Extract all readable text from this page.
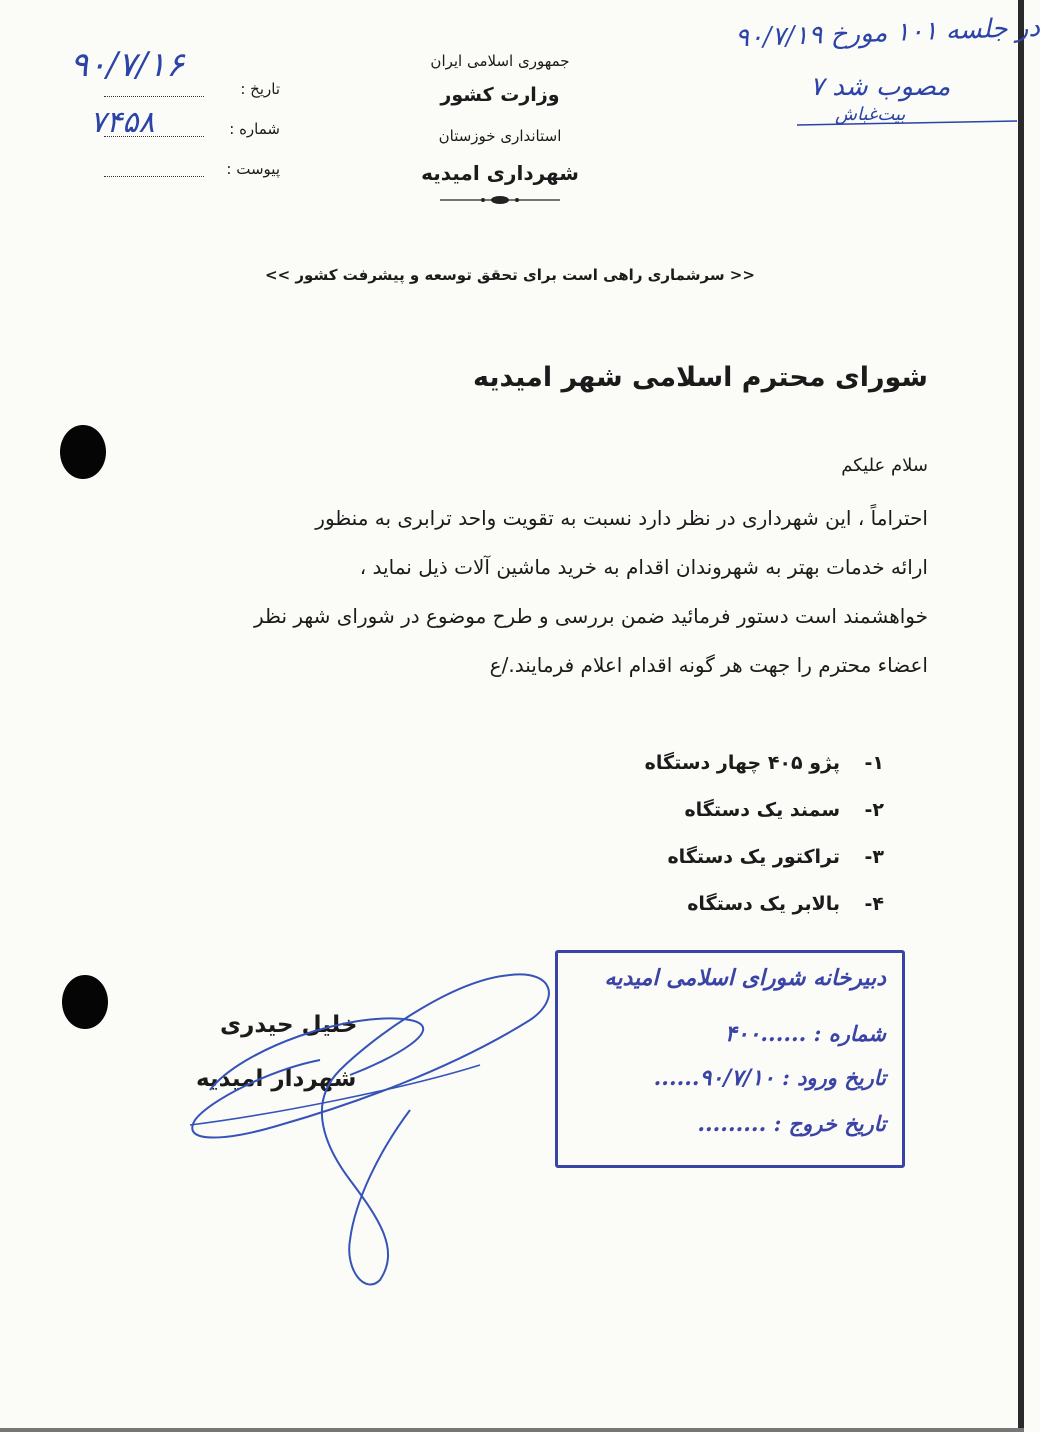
جمهوری اسلامی ایران
وزارت کشور
استانداری خوزستان
شهرداری امیدیه
تاریخ :
شماره :
پیوست :
۹۰/۷/۱۶
۷۴۵۸
در جلسه ۱۰۱ مورخ ۹۰/۷/۱۹
مصوب شد ۷
بیت‌غباش
<< سرشماری راهی است برای تحقق توسعه و پیشرفت کشور >>
شورای محترم اسلامی شهر امیدیه
سلام علیکم

احتراماً ، این شهرداری در نظر دارد نسبت به تقویت واحد ترابری به منظور

ارائه خدمات بهتر به شهروندان اقدام به خرید ماشین آلات ذیل نماید ،

خواهشمند است دستور فرمائید ضمن بررسی و طرح موضوع در شورای شهر نظر

اعضاء محترم را جهت هر گونه اقدام اعلام فرمایند./ع

۱-پژو ۴۰۵ چهار دستگاه
۲-سمند یک دستگاه
۳-تراکتور یک دستگاه
۴-بالابر یک دستگاه
دبیرخانه شورای اسلامی امیدیه
شماره : ......۴۰۰
تاریخ ورود : ۹۰/۷/۱۰......
تاریخ خروج : .........
خلیل حیدری
شهردار امیدیه
